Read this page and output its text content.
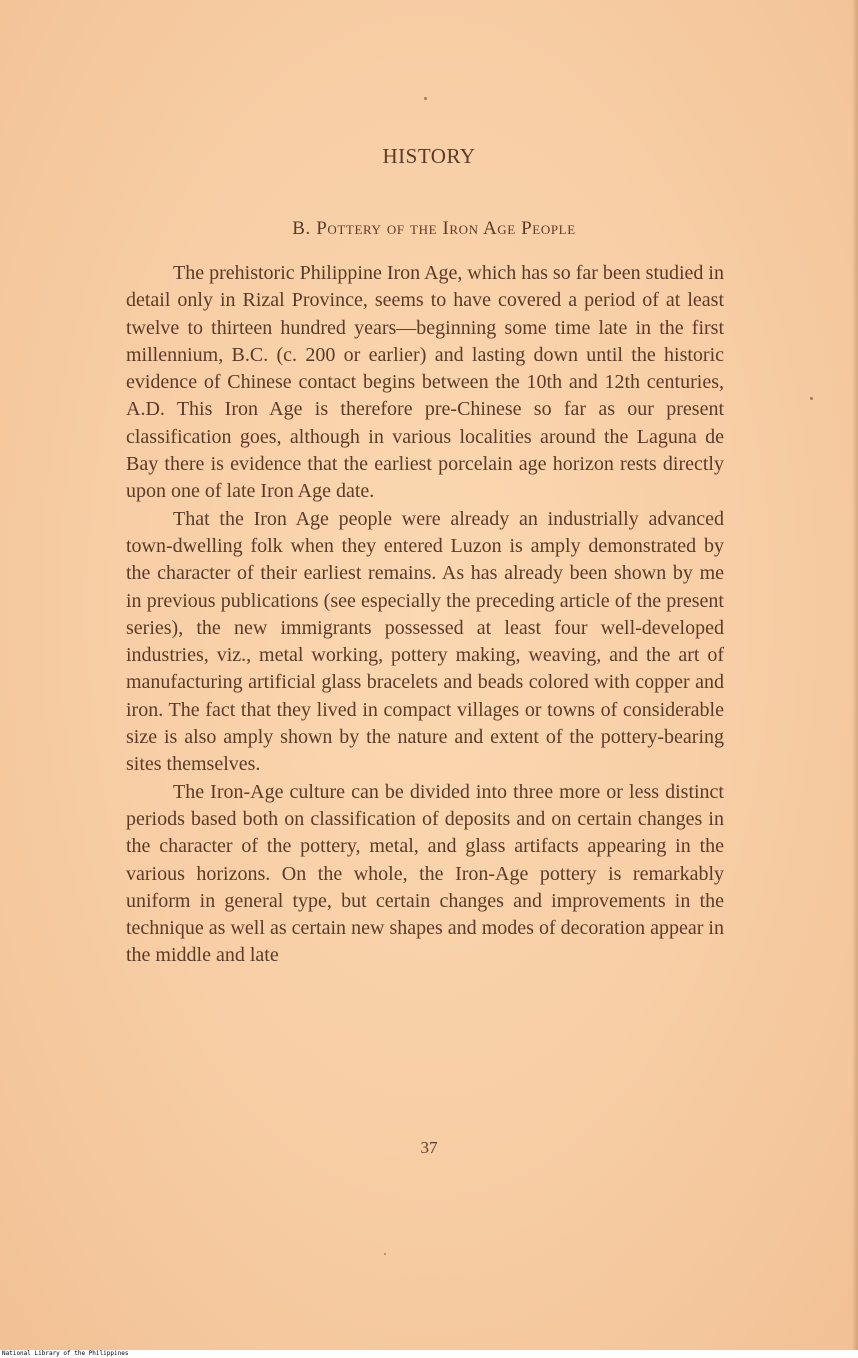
HISTORY
B. Pottery of the Iron Age People

The prehistoric Philippine Iron Age, which has so far been studied in detail only in Rizal Province, seems to have covered a period of at least twelve to thirteen hundred years—beginning some time late in the first millennium, B.C. (c. 200 or earlier) and lasting down until the historic evidence of Chinese contact begins between the 10th and 12th centuries, A.D. This Iron Age is therefore pre-Chinese so far as our present classification goes, although in various localities around the Laguna de Bay there is evidence that the earliest porcelain age horizon rests directly upon one of late Iron Age date.

That the Iron Age people were already an industrially advanced town-dwelling folk when they entered Luzon is amply demonstrated by the character of their earliest remains. As has already been shown by me in previous publications (see especially the preceding article of the present series), the new immigrants possessed at least four well-developed industries, viz., metal working, pottery making, weaving, and the art of manufacturing artificial glass bracelets and beads colored with copper and iron. The fact that they lived in compact villages or towns of considerable size is also amply shown by the nature and extent of the pottery-bearing sites themselves.

The Iron-Age culture can be divided into three more or less distinct periods based both on classification of deposits and on certain changes in the character of the pottery, metal, and glass artifacts appearing in the various horizons. On the whole, the Iron-Age pottery is remarkably uniform in general type, but certain changes and improvements in the technique as well as certain new shapes and modes of decoration appear in the middle and late

37
National Library of the Philippines
